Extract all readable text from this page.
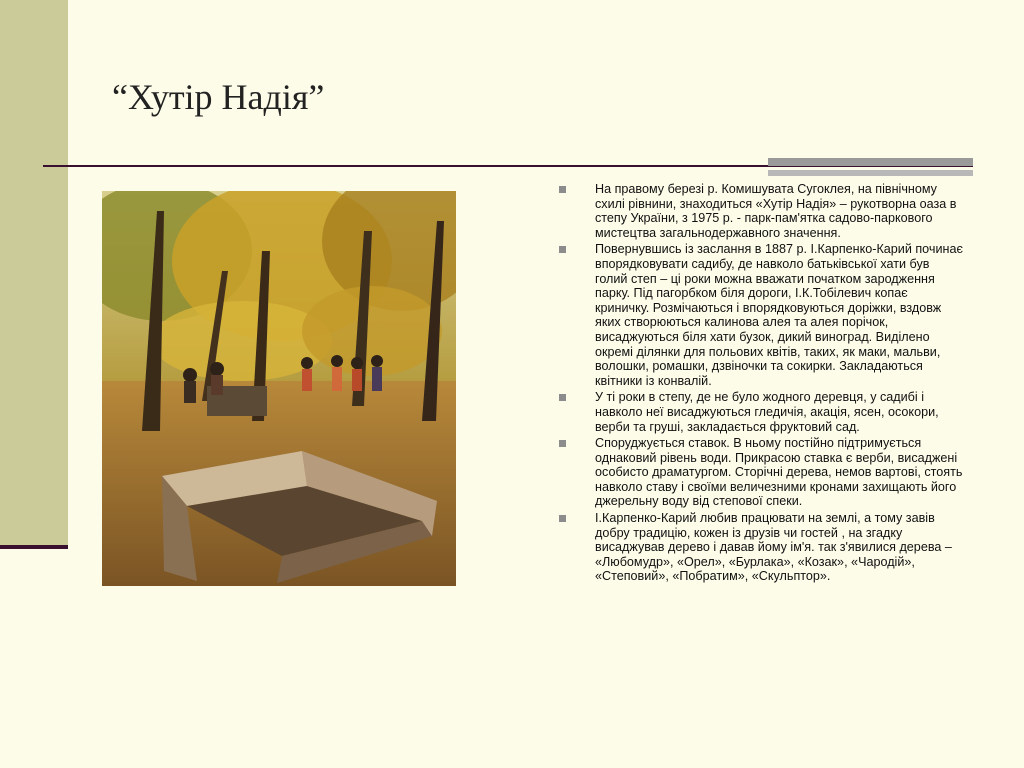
“Хутір Надія”
На правому березі р. Комишувата Сугоклея, на північному схилі рівнини, знаходиться «Хутір Надія» – рукотворна оаза в степу України, з 1975 р. - парк-пам'ятка садово-паркового мистецтва загальнодержавного значення.
Повернувшись із заслання в 1887 р. І.Карпенко-Карий починає впорядковувати садибу, де навколо батьківської хати був голий степ – ці роки можна вважати початком зародження парку. Під пагорбком біля дороги, І.К.Тобілевич копає криничку. Розмічаються і впорядковуються доріжки, вздовж яких створюються калинова алея та алея порічок, висаджуються біля хати бузок, дикий виноград. Виділено окремі ділянки для польових квітів, таких, як маки, мальви, волошки, ромашки, дзвіночки та сокирки. Закладаються квітники із конвалій.
У ті роки в степу, де не було жодного деревця, у садибі і навколо неї висаджуються гледичія, акація, ясен, осокори, верби та груші, закладається фруктовий сад.
Споруджується ставок. В ньому постійно підтримується однаковий рівень води. Прикрасою ставка є верби, висаджені особисто драматургом. Сторічні дерева, немов вартові, стоять навколо ставу і своїми величезними кронами захищають його джерельну воду від степової спеки.
І.Карпенко-Карий любив працювати на землі, а тому завів добру традицію, кожен із друзів чи гостей , на згадку висаджував дерево і давав йому ім'я. так з'явилися дерева – «Любомудр», «Орел», «Бурлака», «Козак», «Чародій», «Степовий», «Побратим», «Скульптор».
